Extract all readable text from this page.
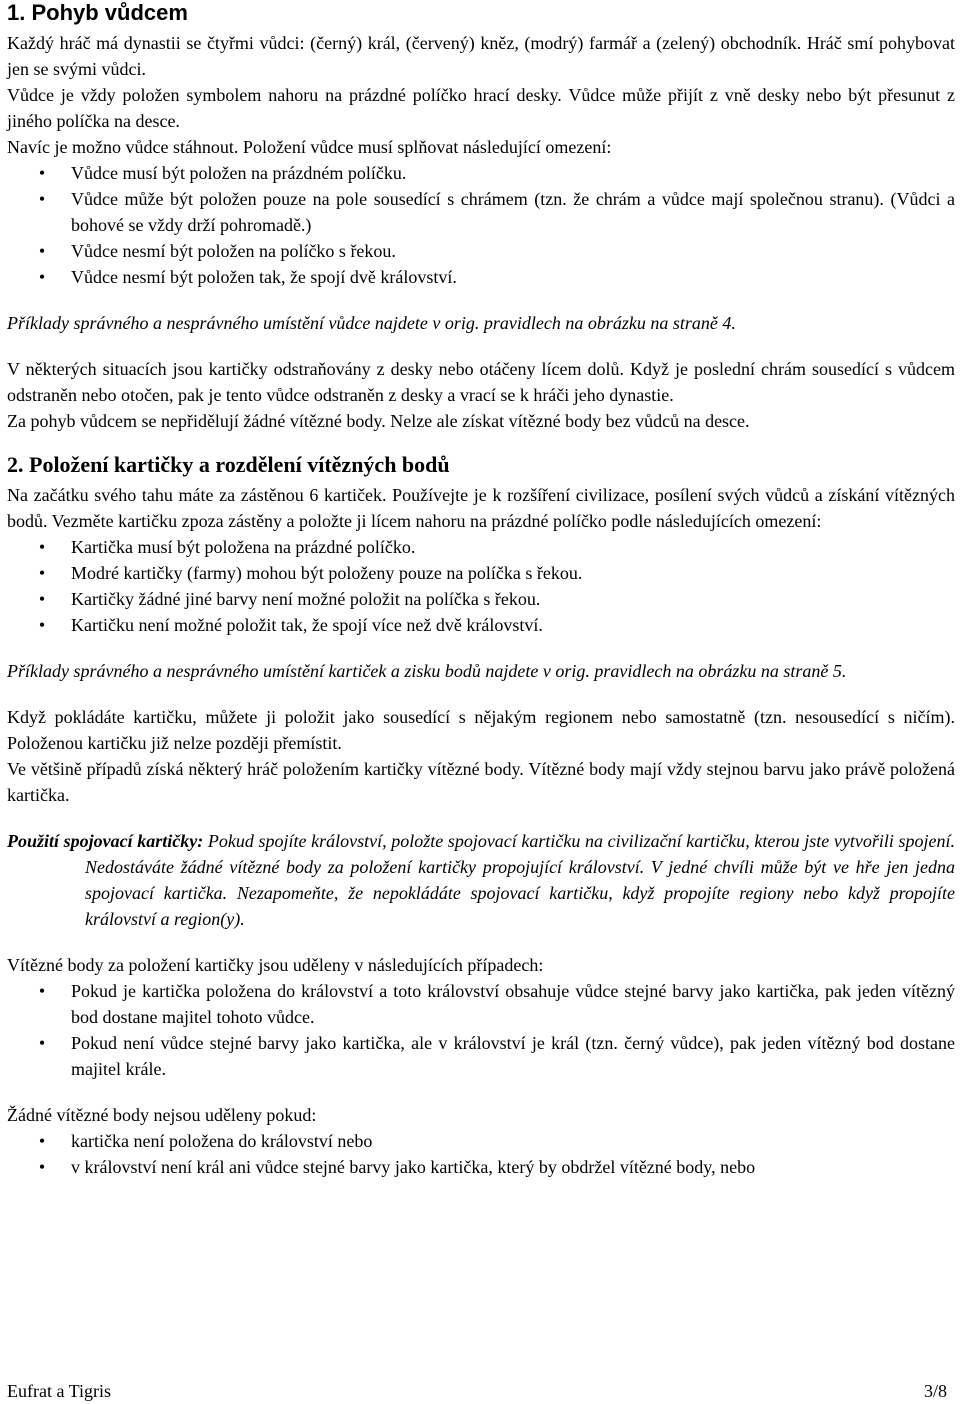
1. Pohyb vůdcem

Každý hráč má dynastii se čtyřmi vůdci: (černý) král, (červený) kněz, (modrý) farmář a (zelený) obchodník. Hráč smí pohybovat jen se svými vůdci.

Vůdce je vždy položen symbolem nahoru na prázdné políčko hrací desky. Vůdce může přijít z vně desky nebo být přesunut z jiného políčka na desce.

Navíc je možno vůdce stáhnout. Položení vůdce musí splňovat následující omezení:

• Vůdce musí být položen na prázdném políčku.
• Vůdce může být položen pouze na pole sousedící s chrámem (tzn. že chrám a vůdce mají společnou stranu). (Vůdci a bohové se vždy drží pohromadě.)
• Vůdce nesmí být položen na políčko s řekou.
• Vůdce nesmí být položen tak, že spojí dvě království.

Příklady správného a nesprávného umístění vůdce najdete v orig. pravidlech na obrázku na straně 4.

V některých situacích jsou kartičky odstraňovány z desky nebo otáčeny lícem dolů. Když je poslední chrám sousedící s vůdcem odstraněn nebo otočen, pak je tento vůdce odstraněn z desky a vrací se k hráči jeho dynastie.

Za pohyb vůdcem se nepřidělují žádné vítězné body. Nelze ale získat vítězné body bez vůdců na desce.

2. Položení kartičky a rozdělení vítězných bodů

Na začátku svého tahu máte za zástěnou 6 kartiček. Používejte je k rozšíření civilizace, posílení svých vůdců a získání vítězných bodů. Vezměte kartičku zpoza zástěny a položte ji lícem nahoru na prázdné políčko podle následujících omezení:

• Kartička musí být položena na prázdné políčko.
• Modré kartičky (farmy) mohou být položeny pouze na políčka s řekou.
• Kartičky žádné jiné barvy není možné položit na políčka s řekou.
• Kartičku není možné položit tak, že spojí více než dvě království.

Příklady správného a nesprávného umístění kartiček a zisku bodů najdete v orig. pravidlech na obrázku na straně 5.

Když pokládáte kartičku, můžete ji položit jako sousedící s nějakým regionem nebo samostatně (tzn. nesousedící s ničím). Položenou kartičku již nelze později přemístit.

Ve většině případů získá některý hráč položením kartičky vítězné body. Vítězné body mají vždy stejnou barvu jako právě položená kartička.

Použití spojovací kartičky: Pokud spojíte království, položte spojovací kartičku na civilizační kartičku, kterou jste vytvořili spojení. Nedostáváte žádné vítězné body za položení kartičky propojující království. V jedné chvíli může být ve hře jen jedna spojovací kartička. Nezapomeňte, že nepokládáte spojovací kartičku, když propojíte regiony nebo když propojíte království a region(y).

Vítězné body za položení kartičky jsou uděleny v následujících případech:

• Pokud je kartička položena do království a toto království obsahuje vůdce stejné barvy jako kartička, pak jeden vítězný bod dostane majitel tohoto vůdce.
• Pokud není vůdce stejné barvy jako kartička, ale v království je král (tzn. černý vůdce), pak jeden vítězný bod dostane majitel krále.

Žádné vítězné body nejsou uděleny pokud:

• kartička není položena do království nebo
• v království není král ani vůdce stejné barvy jako kartička, který by obdržel vítězné body, nebo
Eufrat a Tigris	3/8
